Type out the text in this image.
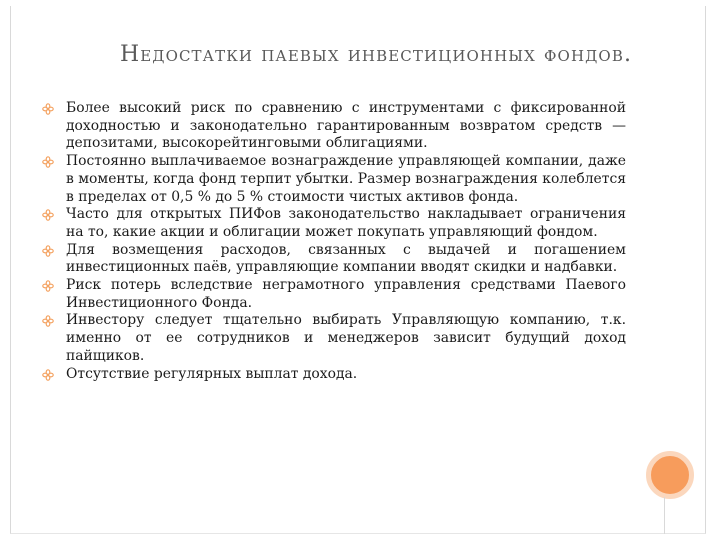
Недостатки паевых инвестиционных фондов.
Более высокий риск по сравнению с инструментами с фиксированной доходностью и законодательно гарантированным возвратом средств — депозитами, высокорейтинговыми облигациями.
Постоянно выплачиваемое вознаграждение управляющей компании, даже в моменты, когда фонд терпит убытки. Размер вознаграждения колеблется в пределах от 0,5 % до 5 % стоимости чистых активов фонда.
Часто для открытых ПИФов законодательство накладывает ограничения на то, какие акции и облигации может покупать управляющий фондом.
Для возмещения расходов, связанных с выдачей и погашением инвестиционных паёв, управляющие компании вводят скидки и надбавки.
Риск потерь вследствие неграмотного управления средствами Паевого Инвестиционного Фонда.
Инвестору следует тщательно выбирать Управляющую компанию, т.к. именно от ее сотрудников и менеджеров зависит будущий доход пайщиков.
Отсутствие регулярных выплат дохода.
